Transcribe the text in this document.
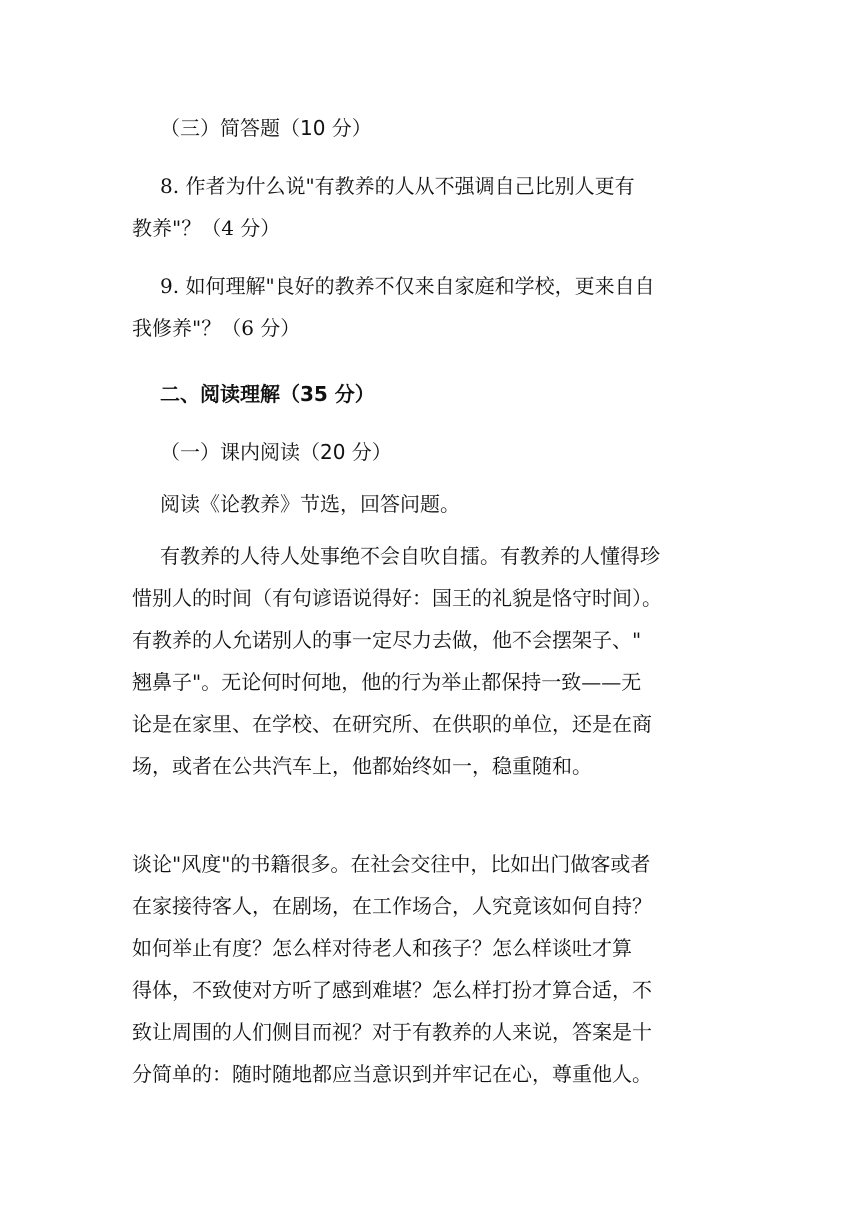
（三）简答题（10 分）

8. 作者为什么说"有教养的人从不强调自己比别人更有

教养"？（4 分）

9. 如何理解"良好的教养不仅来自家庭和学校，更来自自

我修养"？（6 分）

二、阅读理解（35 分）

（一）课内阅读（20 分）

阅读《论教养》节选，回答问题。

有教养的人待人处事绝不会自吹自擂。有教养的人懂得珍

惜别人的时间（有句谚语说得好：国王的礼貌是恪守时间）。

有教养的人允诺别人的事一定尽力去做，他不会摆架子、"

翘鼻子"。无论何时何地，他的行为举止都保持一致——无

论是在家里、在学校、在研究所、在供职的单位，还是在商

场，或者在公共汽车上，他都始终如一，稳重随和。

谈论"风度"的书籍很多。在社会交往中，比如出门做客或者

在家接待客人，在剧场，在工作场合，人究竟该如何自持？

如何举止有度？怎么样对待老人和孩子？怎么样谈吐才算

得体，不致使对方听了感到难堪？怎么样打扮才算合适，不

致让周围的人们侧目而视？对于有教养的人来说，答案是十

分简单的：随时随地都应当意识到并牢记在心，尊重他人。
